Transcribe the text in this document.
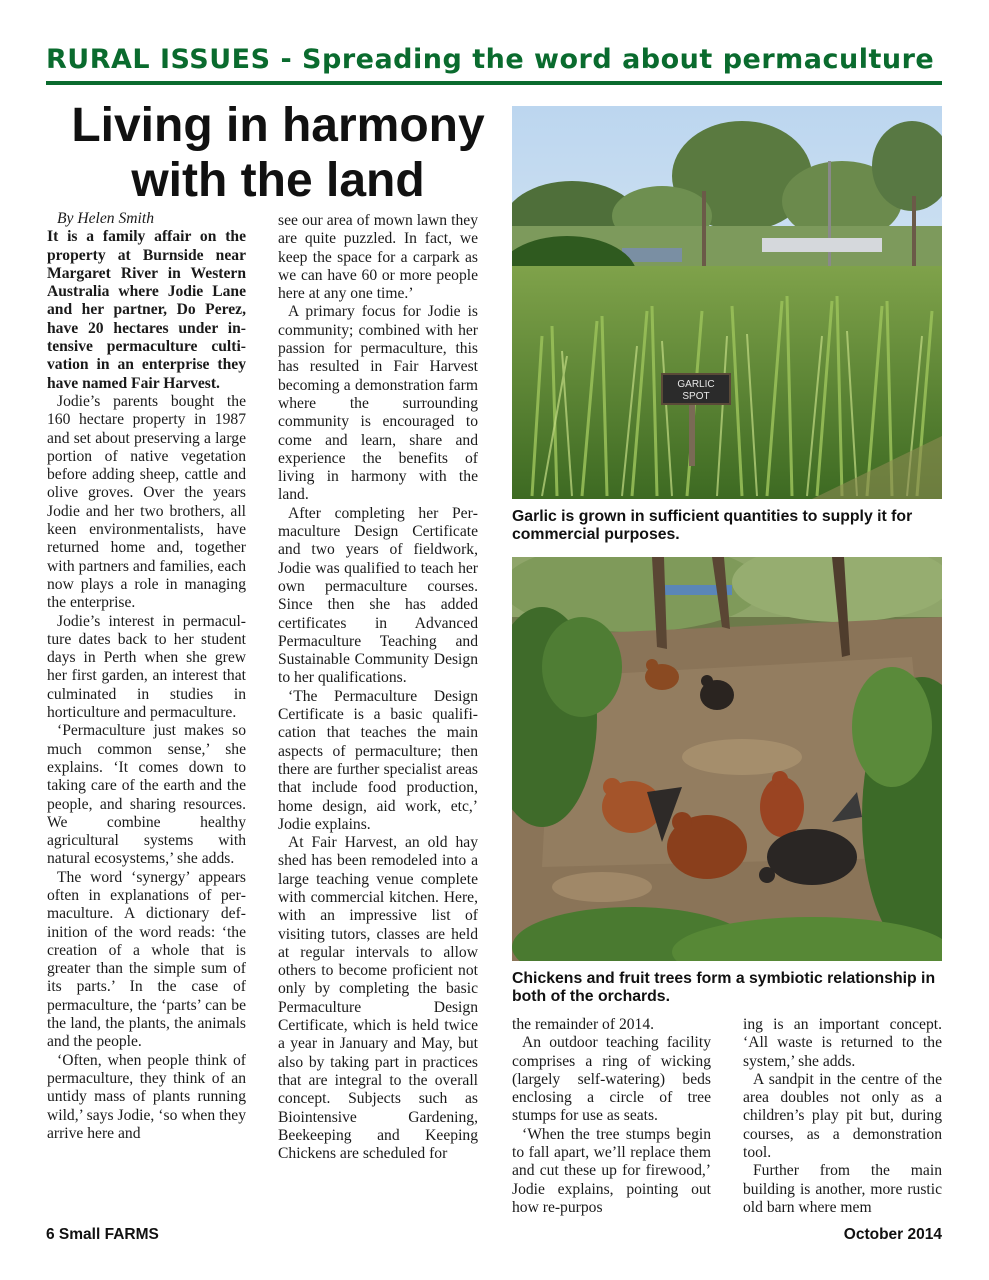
RURAL ISSUES - Spreading the word about permaculture
Living in harmony
with the land

By Helen Smith

It is a family affair on the property at Burnside near Margaret River in Western Australia where Jodie Lane and her partner, Do Perez, have 20 hectares under intensive permaculture cultivation in an enterprise they have named Fair Harvest.

Jodie’s parents bought the 160 hectare property in 1987 and set about preserving a large portion of native vegetation before adding sheep, cattle and olive groves. Over the years Jodie and her two brothers, all keen environmentalists, have returned home and, together with partners and families, each now plays a role in managing the enterprise.

Jodie’s interest in permaculture dates back to her student days in Perth when she grew her first garden, an interest that culminated in studies in horticulture and permaculture.

‘Permaculture just makes so much common sense,’ she explains. ‘It comes down to taking care of the earth and the people, and sharing resources. We combine healthy agricultural systems with natural ecosystems,’ she adds.

The word ‘synergy’ appears often in explanations of permaculture. A dictionary definition of the word reads: ‘the creation of a whole that is greater than the simple sum of its parts.’ In the case of permaculture, the ‘parts’ can be the land, the plants, the animals and the people.

‘Often, when people think of permaculture, they think of an untidy mass of plants running wild,’ says Jodie, ‘so when they arrive here and

see our area of mown lawn they are quite puzzled. In fact, we keep the space for a carpark as we can have 60 or more people here at any one time.’

A primary focus for Jodie is community; combined with her passion for permaculture, this has resulted in Fair Harvest becoming a demonstration farm where the surrounding community is encouraged to come and learn, share and experience the benefits of living in harmony with the land.

After completing her Permaculture Design Certificate and two years of fieldwork, Jodie was qualified to teach her own permaculture courses. Since then she has added certificates in Advanced Permaculture Teaching and Sustainable Community Design to her qualifications.

‘The Permaculture Design Certificate is a basic qualification that teaches the main aspects of permaculture; then there are further specialist areas that include food production, home design, aid work, etc,’ Jodie explains.

At Fair Harvest, an old hay shed has been remodeled into a large teaching venue complete with commercial kitchen. Here, with an impressive list of visiting tutors, classes are held at regular intervals to allow others to become proficient not only by completing the basic Permaculture Design Certificate, which is held twice a year in January and May, but also by taking part in practices that are integral to the overall concept. Subjects such as Biointensive Gardening, Beekeeping and Keeping Chickens are scheduled for

GARLIC
SPOT

Garlic is grown in sufficient quantities to supply it for commercial purposes.

Chickens and fruit trees form a symbiotic relationship in both of the orchards.

the remainder of 2014.

An outdoor teaching facility comprises a ring of wicking (largely self-watering) beds enclosing a circle of tree stumps for use as seats.

‘When the tree stumps begin to fall apart, we’ll replace them and cut these up for firewood,’ Jodie explains, pointing out how re-purpos

ing is an important concept. ‘All waste is returned to the system,’ she adds.

A sandpit in the centre of the area doubles not only as a children’s play pit but, during courses, as a demonstration tool.

Further from the main building is another, more rustic old barn where mem

6 Small FARMS	October 2014
